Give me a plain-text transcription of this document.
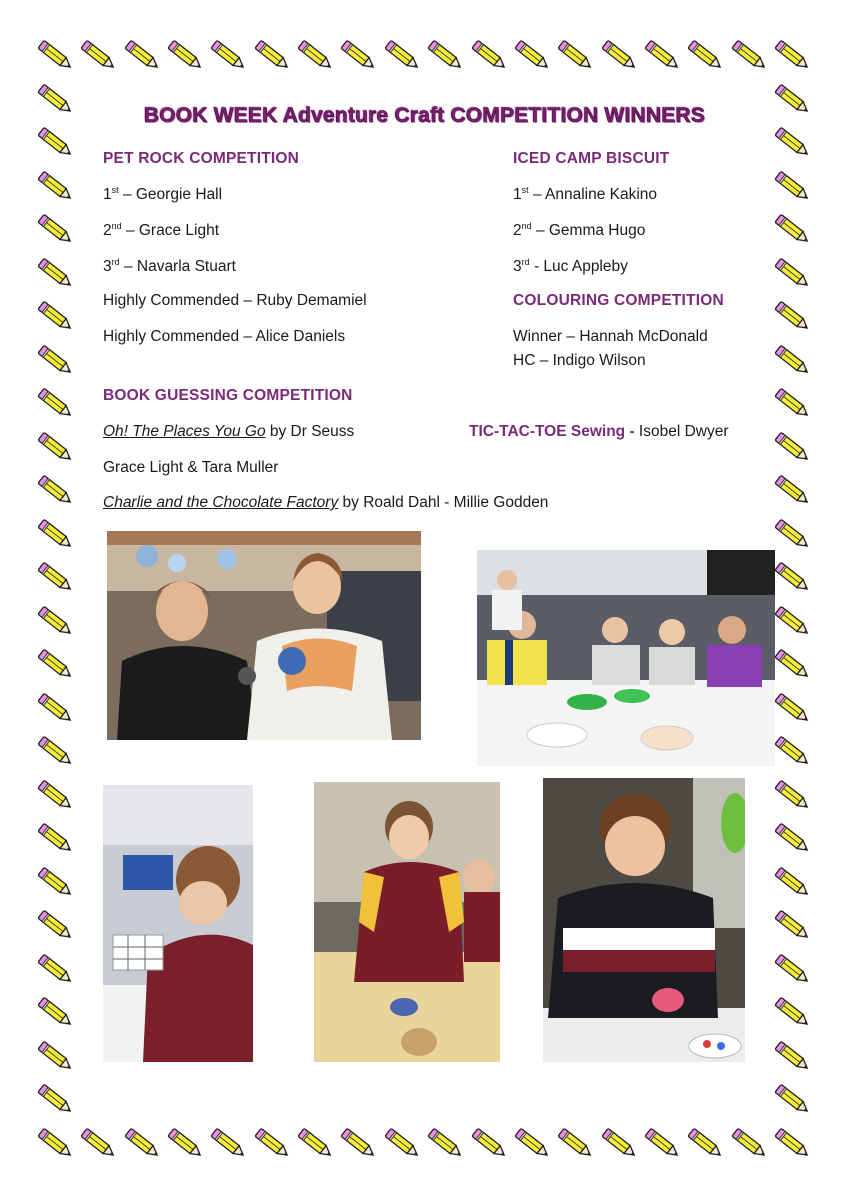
BOOK WEEK Adventure Craft COMPETITION WINNERS
PET ROCK COMPETITION
1st – Georgie Hall
2nd – Grace Light
3rd – Navarla Stuart
Highly Commended – Ruby Demamiel
Highly Commended – Alice Daniels
ICED CAMP BISCUIT
1st – Annaline Kakino
2nd – Gemma Hugo
3rd - Luc Appleby
COLOURING COMPETITION
Winner – Hannah McDonald
HC – Indigo Wilson
BOOK GUESSING COMPETITION
Oh! The Places You Go by Dr Seuss
Grace Light & Tara Muller
Charlie and the Chocolate Factory by Roald Dahl - Millie Godden
TIC-TAC-TOE Sewing - Isobel Dwyer
